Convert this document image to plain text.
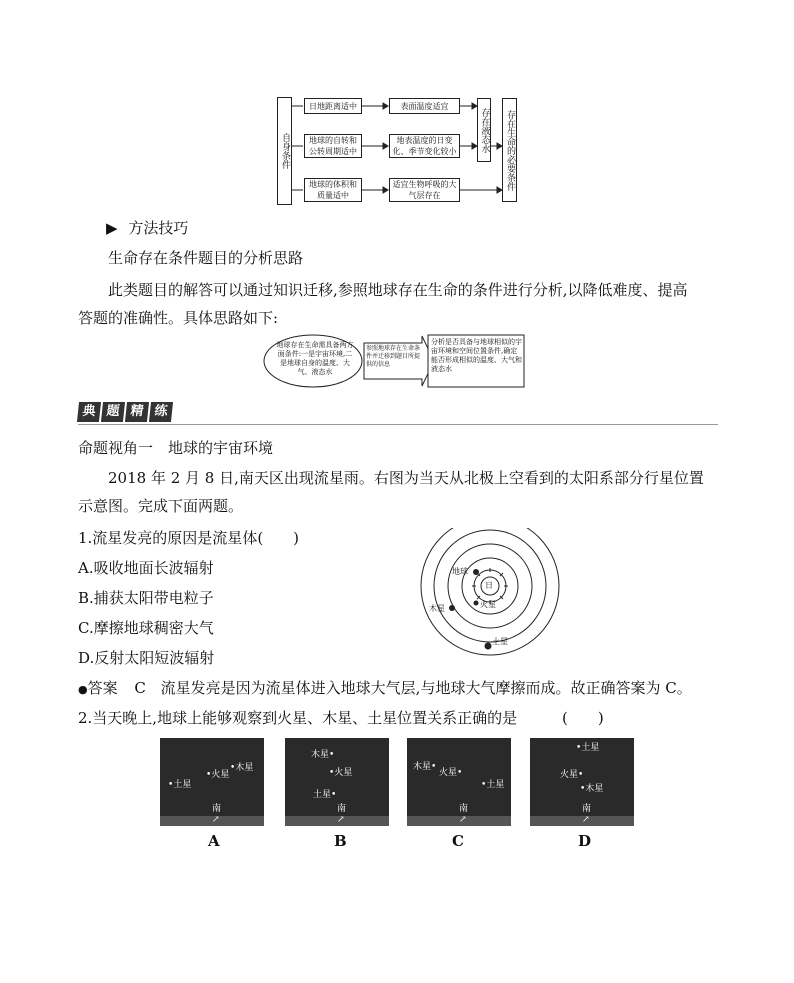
自身条件
日地距离适中	表面温度适宜
地球的自转和公转周期适中
地表温度的日变化、季节变化较小
地球的体积和质量适中
适宜生物呼吸的大气层存在
存在液态水	存在生命的必要条件
▶ 方法技巧
生命存在条件题目的分析思路
此类题目的解答可以通过知识迁移,参照地球存在生命的条件进行分析,以降低难度、提高
答题的准确性。具体思路如下:
地球存在生命需具备两方面条件:一是宇宙环境,二是地球自身的温度、大气、液态水
参照地球存在生命条件并迁移到题目所提供的信息
分析是否具备与地球相似的宇宙环境和空间位置条件,确定能否形成相似的温度、大气和液态水
典 题 精 练
命题视角一　地球的宇宙环境
2018 年 2 月 8 日,南天区出现流星雨。右图为当天从北极上空看到的太阳系部分行星位置
示意图。完成下面两题。
1.流星发亮的原因是流星体(　　)
A.吸收地面长波辐射
B.捕获太阳带电粒子
C.摩擦地球稠密大气
D.反射太阳短波辐射
日
地球
火星
木星
土星
●答案 C 流星发亮是因为流星体进入地球大气层,与地球大气摩擦而成。故正确答案为 C。
2.当天晚上,地球上能够观察到火星、木星、土星位置关系正确的是	(　　)
•土星
•火星
•木星
南
↗
A
木星•
•火星
土星•
南
↗
B
木星•
火星•
•土星
南
↗
C
•土星
火星•
•木星
南
↗
D
